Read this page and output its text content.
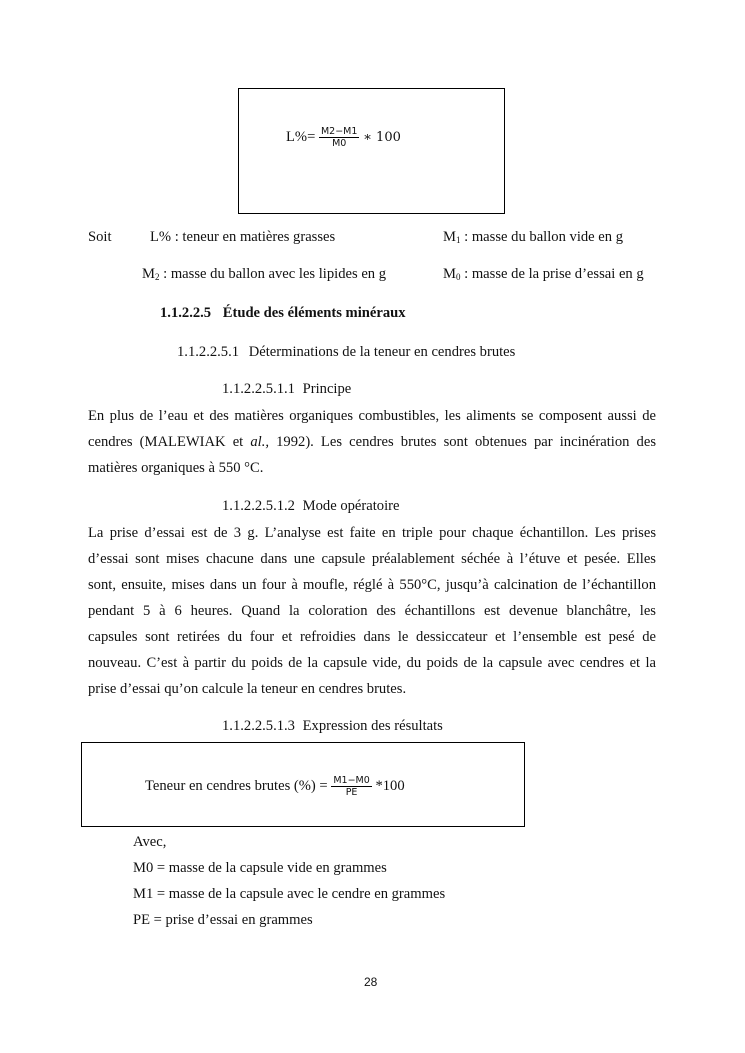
$L\%= \frac{M2-M1}{M0}$ ∗ 100
Soit	L% : teneur en matières grasses	$M_1$ : masse du ballon vide en g
$M_2$ : masse du ballon avec les lipides en g	$M_0$ : masse de la prise d’essai en g
1.1.2.2.5 Étude des éléments minéraux
1.1.2.2.5.1 Déterminations de la teneur en cendres brutes
1.1.2.2.5.1.1 Principe
En plus de l’eau et des matières organiques combustibles, les aliments se composent aussi de
cendres (MALEWIAK et al., 1992). Les cendres brutes sont obtenues par incinération des
matières organiques à 550 °C.
1.1.2.2.5.1.2 Mode opératoire
La prise d’essai est de 3 g. L’analyse est faite en triple pour chaque échantillon. Les prises
d’essai sont mises chacune dans une capsule préalablement séchée à l’étuve et pesée. Elles
sont, ensuite, mises dans un four à moufle, réglé à 550°C, jusqu’à calcination de l’échantillon
pendant 5 à 6 heures. Quand la coloration des échantillons est devenue blanchâtre, les
capsules sont retirées du four et refroidies dans le dessiccateur et l’ensemble est pesé de
nouveau. C’est à partir du poids de la capsule vide, du poids de la capsule avec cendres et la
prise d’essai qu’on calcule la teneur en cendres brutes.
1.1.2.2.5.1.3 Expression des résultats
Teneur en cendres brutes (%) = $\frac{M1-M0}{PE} *100$
Avec,
M0 = masse de la capsule vide en grammes
M1 = masse de la capsule avec le cendre en grammes
PE = prise d’essai en grammes
28
